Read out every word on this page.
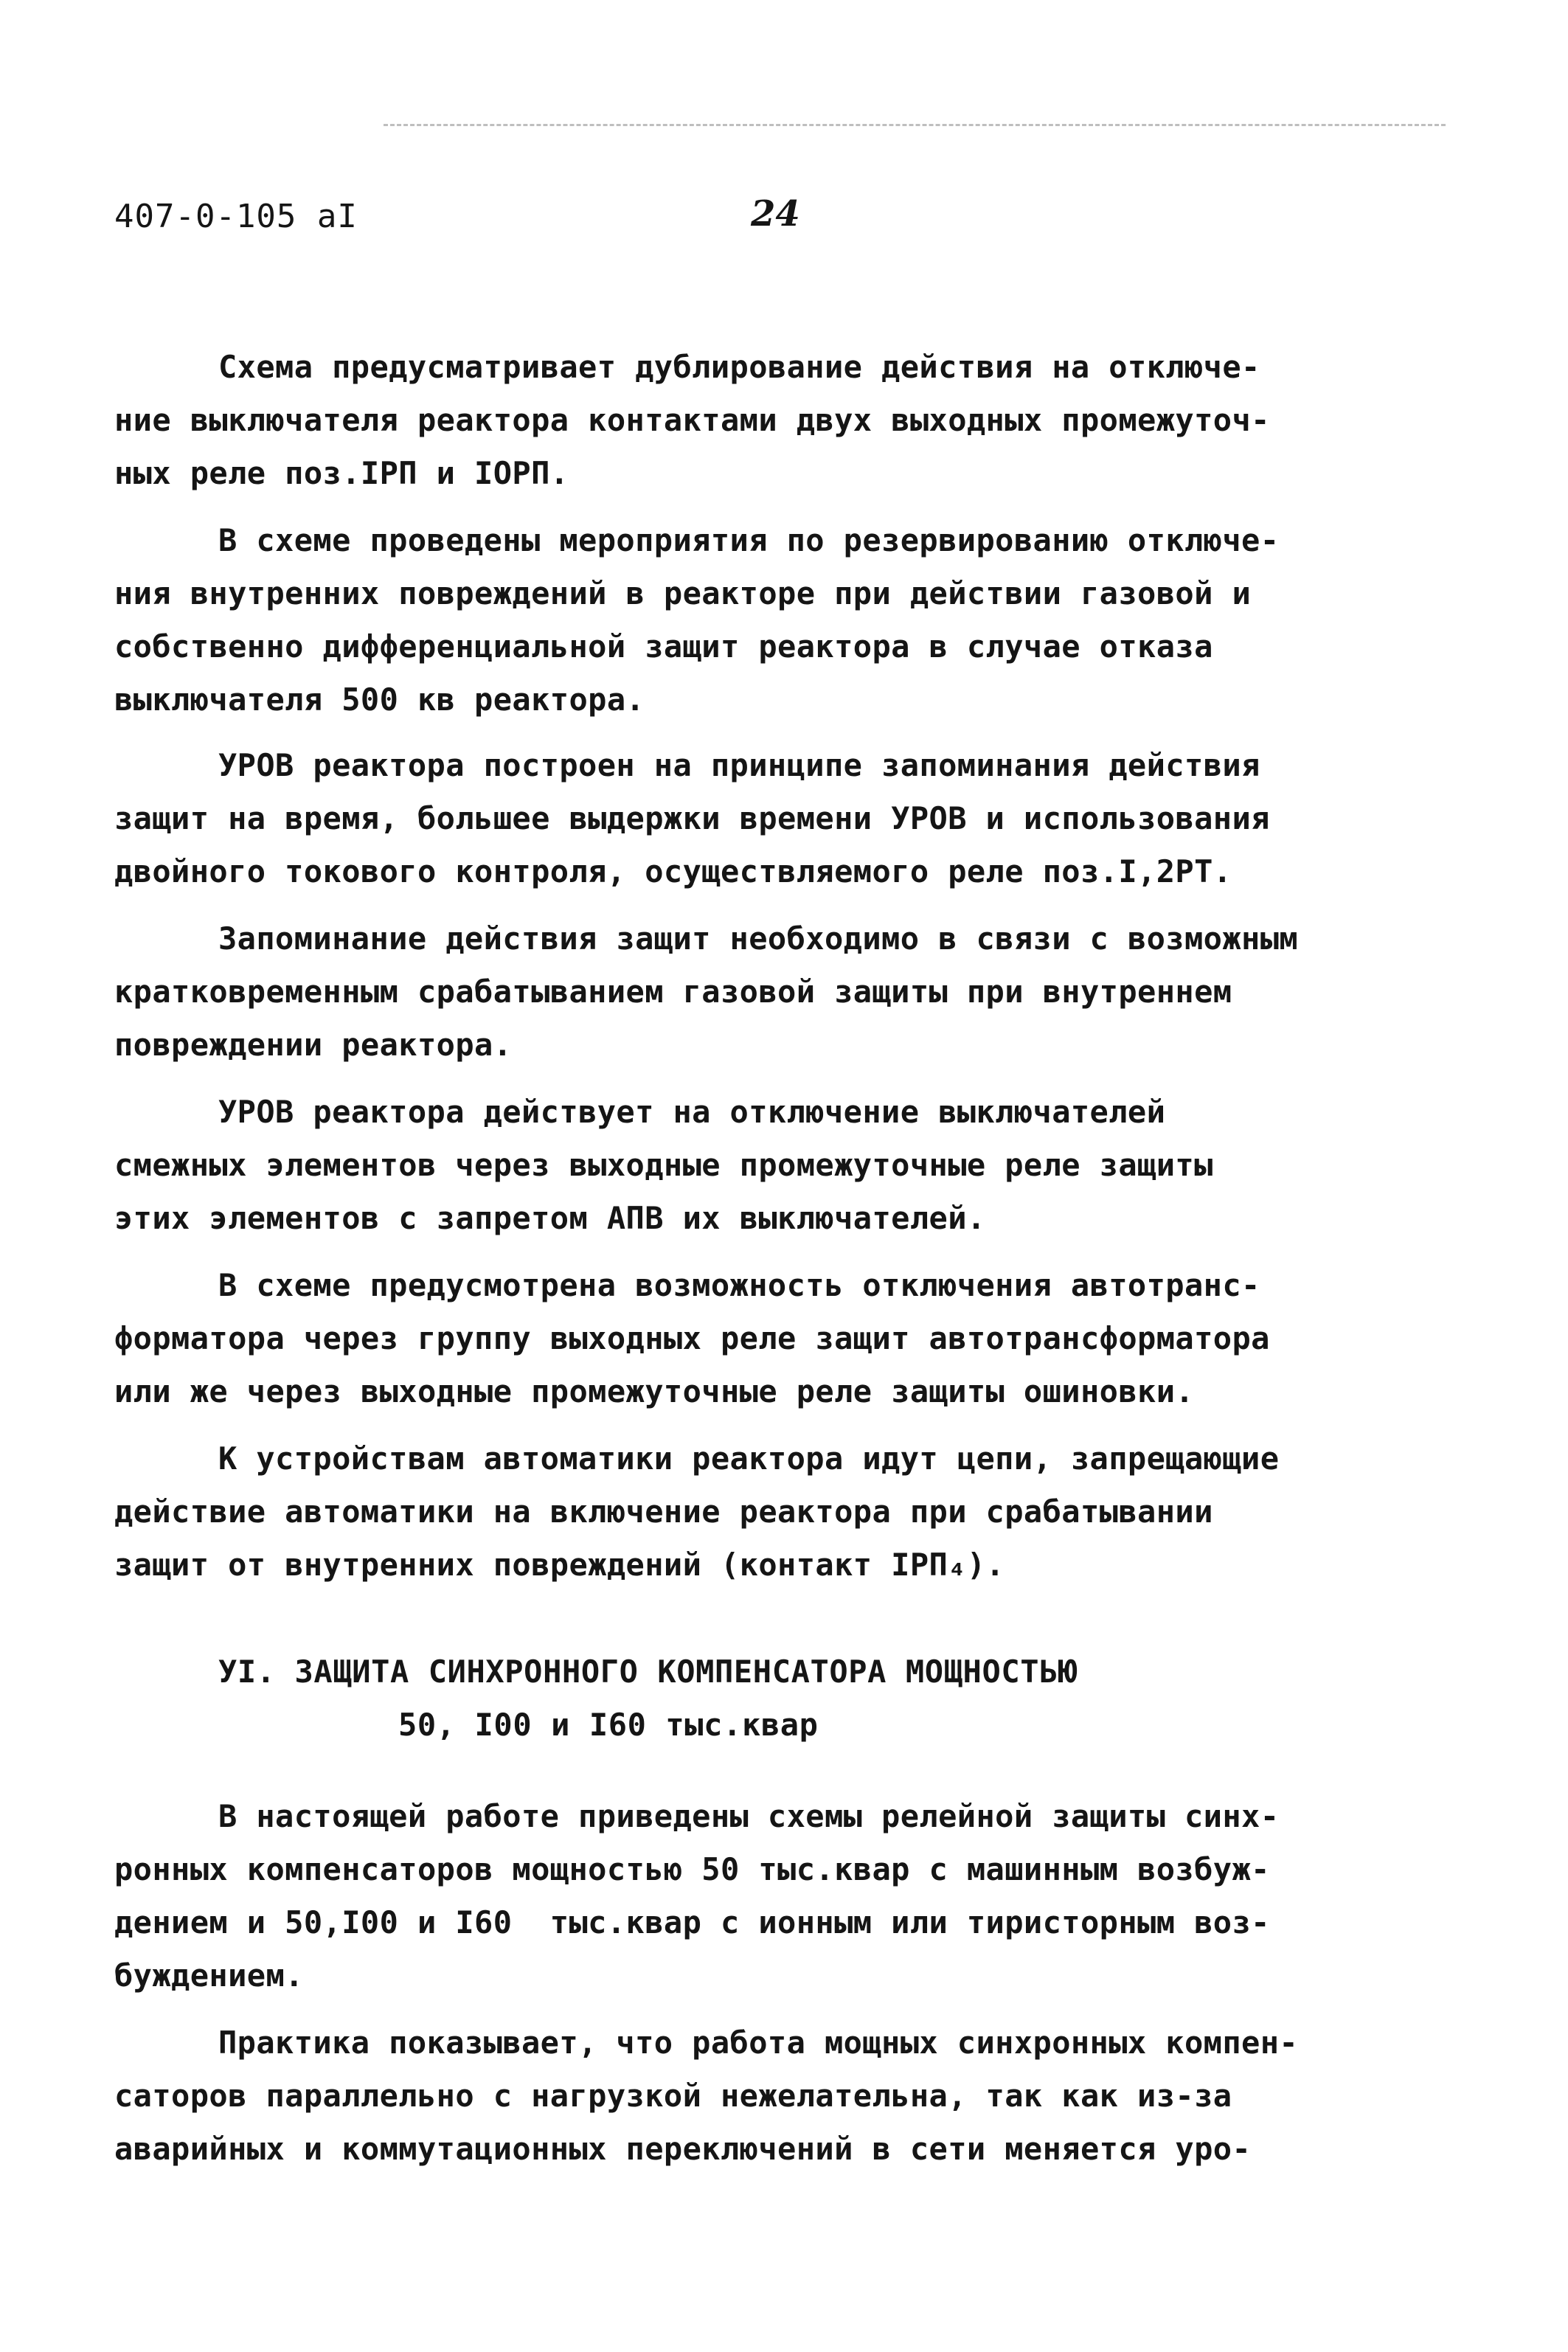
407-0-105 аI	24
Схема предусматривает дублирование действия на отключе-
ние выключателя реактора контактами двух выходных промежуточ-
ных реле поз.IРП и IОРП.
В схеме проведены мероприятия по резервированию отключе-
ния внутренних повреждений в реакторе при действии газовой и
собственно дифференциальной защит реактора в случае отказа
выключателя 500 кв реактора.
УРОВ реактора построен на принципе запоминания действия
защит на время, большее выдержки времени УРОВ и использования
двойного токового контроля, осуществляемого реле поз.I,2РТ.
Запоминание действия защит необходимо в связи с возможным
кратковременным срабатыванием газовой защиты при внутреннем
повреждении реактора.
УРОВ реактора действует на отключение выключателей
смежных элементов через выходные промежуточные реле защиты
этих элементов с запретом АПВ их выключателей.
В схеме предусмотрена возможность отключения автотранс-
форматора через группу выходных реле защит автотрансформатора
или же через выходные промежуточные реле защиты ошиновки.
К устройствам автоматики реактора идут цепи, запрещающие
действие автоматики на включение реактора при срабатывании
защит от внутренних повреждений (контакт IРП₄).
УI. ЗАЩИТА СИНХРОННОГО КОМПЕНСАТОРА МОЩНОСТЬЮ
50, I00 и I60 тыс.квар
В настоящей работе приведены схемы релейной защиты синх-
ронных компенсаторов мощностью 50 тыс.квар с машинным возбуж-
дением и 50,I00 и I60  тыс.квар с ионным или тиристорным воз-
буждением.
Практика показывает, что работа мощных синхронных компен-
саторов параллельно с нагрузкой нежелательна, так как из-за
аварийных и коммутационных переключений в сети меняется уро-
